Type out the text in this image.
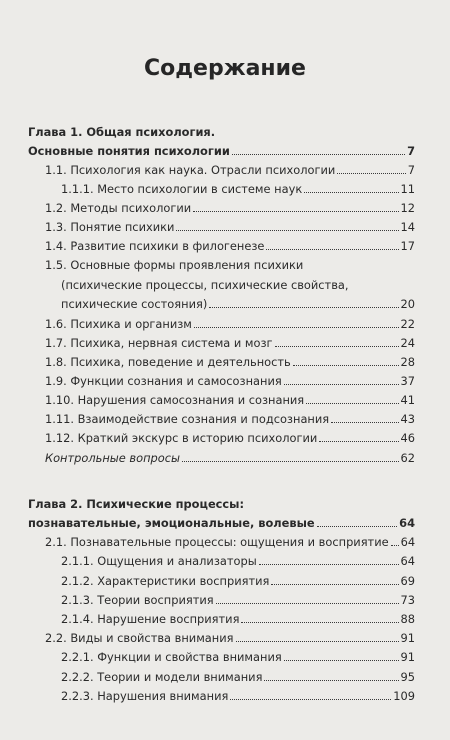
Содержание
Глава 1. Общая психология.
Основные понятия психологии	7
1.1. Психология как наука. Отрасли психологии	7
1.1.1. Место психологии в системе наук	11
1.2. Методы психологии	12
1.3. Понятие психики	14
1.4. Развитие психики в филогенезе	17
1.5. Основные формы проявления психики
(психические процессы, психические свойства,
психические состояния)	20
1.6. Психика и организм	22
1.7. Психика, нервная система и мозг	24
1.8. Психика, поведение и деятельность	28
1.9. Функции сознания и самосознания	37
1.10. Нарушения самосознания и сознания	41
1.11. Взаимодействие сознания и подсознания	43
1.12. Краткий экскурс в историю психологии	46
Контрольные вопросы	62
Глава 2. Психические процессы:
познавательные, эмоциональные, волевые	64
2.1. Познавательные процессы: ощущения и восприятие 64
2.1.1. Ощущения и анализаторы	64
2.1.2. Характеристики восприятия	69
2.1.3. Теории восприятия	73
2.1.4. Нарушение восприятия	88
2.2. Виды и свойства внимания	91
2.2.1. Функции и свойства внимания	91
2.2.2. Теории и модели внимания	95
2.2.3. Нарушения внимания	109
